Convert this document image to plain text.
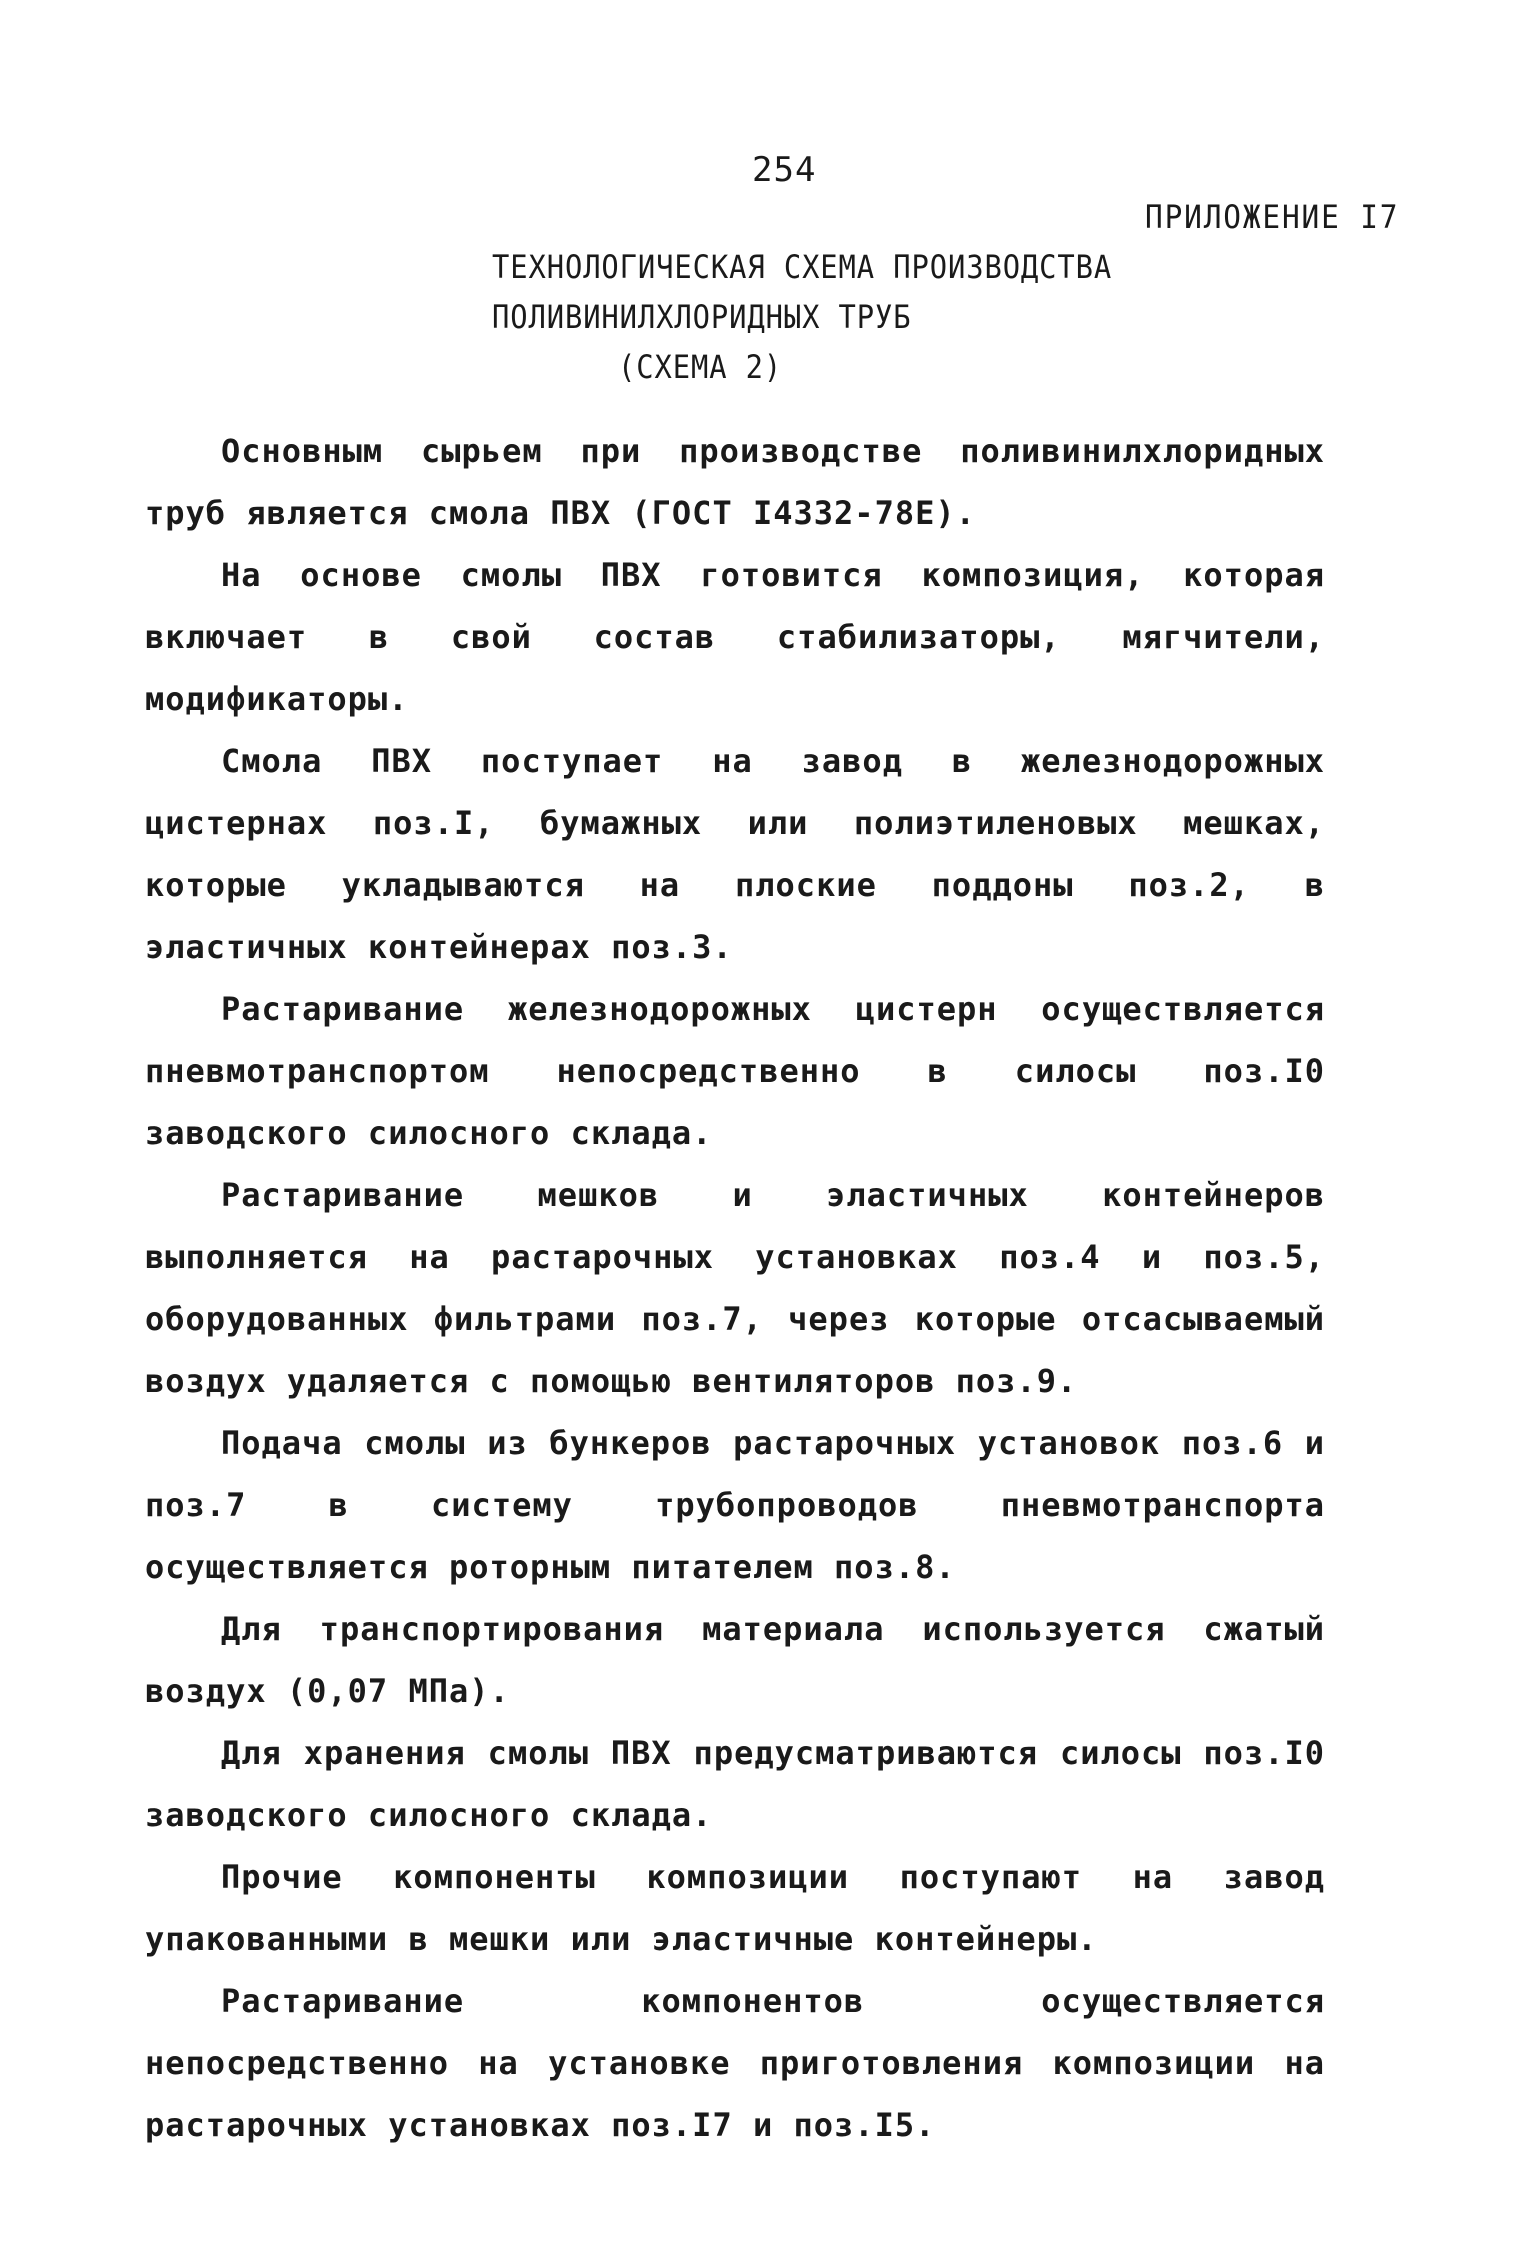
254
ПРИЛОЖЕНИЕ I7
ТЕХНОЛОГИЧЕСКАЯ СХЕМА ПРОИЗВОДСТВА
ПОЛИВИНИЛХЛОРИДНЫХ ТРУБ
(СХЕМА 2)

Основным сырьем при производстве поливинилхлоридных труб является смола ПВХ (ГОСТ I4332-78Е).

На основе смолы ПВХ готовится композиция, которая включает в свой состав стабилизаторы, мягчители, модификаторы.

Смола ПВХ поступает на завод в железнодорожных цистернах поз.I, бумажных или полиэтиленовых мешках, которые укладываются на плоские поддоны поз.2, в эластичных контейнерах поз.3.

Растаривание железнодорожных цистерн осуществляется пневмотранспортом непосредственно в силосы поз.I0 заводского силосного склада.

Растаривание мешков и эластичных контейнеров выполняется на растарочных установках поз.4 и поз.5, оборудованных фильтрами поз.7, через которые отсасываемый воздух удаляется с помощью вентиляторов поз.9.

Подача смолы из бункеров растарочных установок поз.6 и поз.7 в систему трубопроводов пневмотранспорта осуществляется роторным питателем поз.8.

Для транспортирования материала используется сжатый воздух (0,07 МПа).

Для хранения смолы ПВХ предусматриваются силосы поз.I0 заводского силосного склада.

Прочие компоненты композиции поступают на завод упакованными в мешки или эластичные контейнеры.

Растаривание компонентов осуществляется непосредственно на установке приготовления композиции на растарочных установках поз.I7 и поз.I5.
